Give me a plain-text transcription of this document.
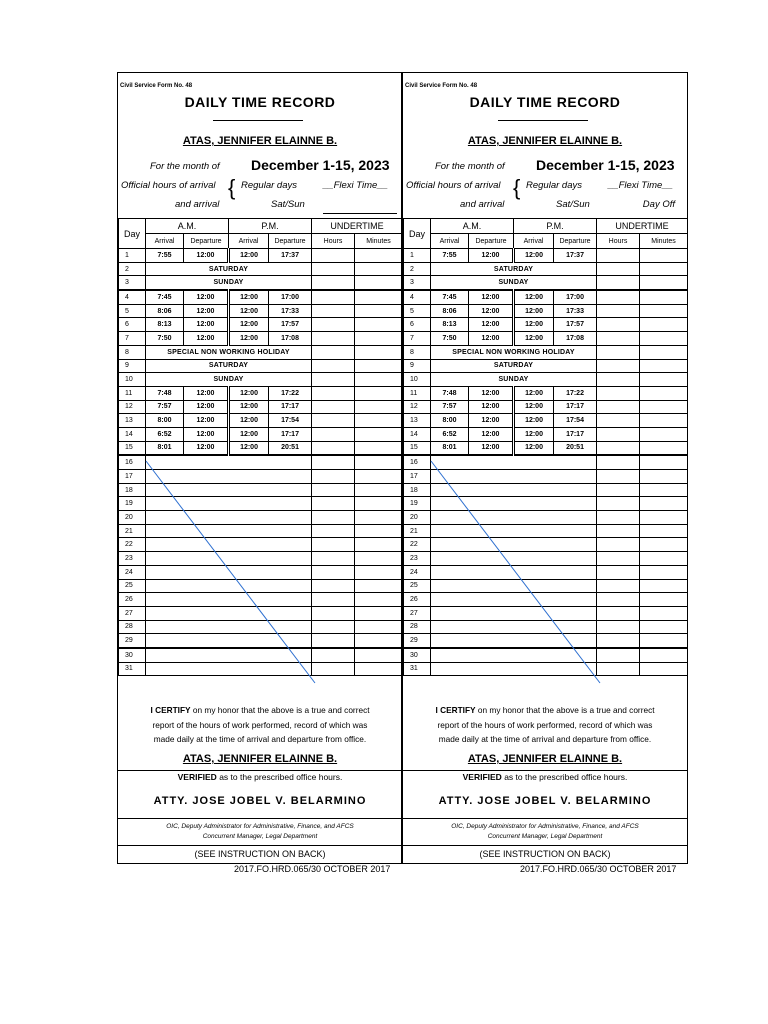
Civil Service Form No. 48
DAILY TIME RECORD
ATAS, JENNIFER ELAINNE B.
For the month of December 1-15, 2023
Official hours of arrival
and arrival
{ Regular days	__Flexi Time__
Sat/Sun
Day	A.M.		P.M.		UNDERTIME	
	Arrival	Departure	Arrival	Departure	Hours	Minutes
1	7:55	12:00	12:00	17:37		
2	SATURDAY					
3	SUNDAY					
4	7:45	12:00	12:00	17:00		
5	8:06	12:00	12:00	17:33		
6	8:13	12:00	12:00	17:57		
7	7:50	12:00	12:00	17:08		
8	SPECIAL NON WORKING HOLIDAY					
9	SATURDAY					
10	SUNDAY					
11	7:48	12:00	12:00	17:22		
12	7:57	12:00	12:00	17:17		
13	8:00	12:00	12:00	17:54		
14	6:52	12:00	12:00	17:17		
15	8:01	12:00	12:00	20:51		
16						
17						
18						
19						
20						
21						
22						
23						
24						
25						
26						
27						
28						
29						
30						
31						
I CERTIFY on my honor that the above is a true and correct
report of the hours of work performed, record of which was
made daily at the time of arrival and departure from office.
ATAS, JENNIFER ELAINNE B.
VERIFIED as to the prescribed office hours.
ATTY. JOSE JOBEL V. BELARMINO
OIC, Deputy Administrator for Administrative, Finance, and AFCS
Concurrent Manager, Legal Department
(SEE INSTRUCTION ON BACK)
Civil Service Form No. 48
DAILY TIME RECORD
ATAS, JENNIFER ELAINNE B.
For the month of December 1-15, 2023
Official hours of arrival
and arrival
{ Regular days	__Flexi Time__
Sat/Sun
Day	A.M.		P.M.		UNDERTIME	
	Arrival	Departure	Arrival	Departure	Hours	Minutes
1	7:55	12:00	12:00	17:37		
2	SATURDAY					
3	SUNDAY					
4	7:45	12:00	12:00	17:00		
5	8:06	12:00	12:00	17:33		
6	8:13	12:00	12:00	17:57		
7	7:50	12:00	12:00	17:08		
8	SPECIAL NON WORKING HOLIDAY					
9	SATURDAY					
10	SUNDAY					
11	7:48	12:00	12:00	17:22		
12	7:57	12:00	12:00	17:17		
13	8:00	12:00	12:00	17:54		
14	6:52	12:00	12:00	17:17		
15	8:01	12:00	12:00	20:51		
16						
17						
18						
19						
20						
21						
22						
23						
24						
25						
26						
27						
28						
29						
30						
31						
I CERTIFY on my honor that the above is a true and correct
report of the hours of work performed, record of which was
made daily at the time of arrival and departure from office.
ATAS, JENNIFER ELAINNE B.
VERIFIED as to the prescribed office hours.
ATTY. JOSE JOBEL V. BELARMINO
OIC, Deputy Administrator for Administrative, Finance, and AFCS
Concurrent Manager, Legal Department
(SEE INSTRUCTION ON BACK)
Day Off
2017.FO.HRD.065/30 OCTOBER 2017	2017.FO.HRD.065/30 OCTOBER 2017
